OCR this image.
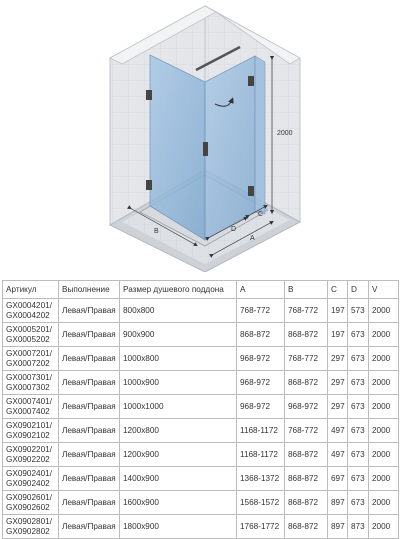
2000
B
A
D
C
Артикул	Выполнение	Размер душевого поддона	A	B	C	D	V

GX0004201/
GX0004202	Левая/Правая	800x800	768-772	768-772	197	573	2000

GX0005201/
GX0005202	Левая/Правая	900x900	868-872	868-872	197	673	2000

GX0007201/
GX0007202	Левая/Правая	1000x800	968-972	768-772	297	673	2000

GX0007301/
GX0007302	Левая/Правая	1000x900	968-972	868-872	297	673	2000

GX0007401/
GX0007402	Левая/Правая	1000x1000	968-972	968-972	297	673	2000

GX0902101/
GX0902102	Левая/Правая	1200x800	1168-1172	768-772	497	673	2000

GX0902201/
GX0902202	Левая/Правая	1200x900	1168-1172	868-872	497	673	2000

GX0902401/
GX0902402	Левая/Правая	1400x900	1368-1372	868-872	697	673	2000

GX0902601/
GX0902602	Левая/Правая	1600x900	1568-1572	868-872	897	673	2000

GX0902801/
GX0902802	Левая/Правая	1800x900	1768-1772	868-872	897	873	2000
